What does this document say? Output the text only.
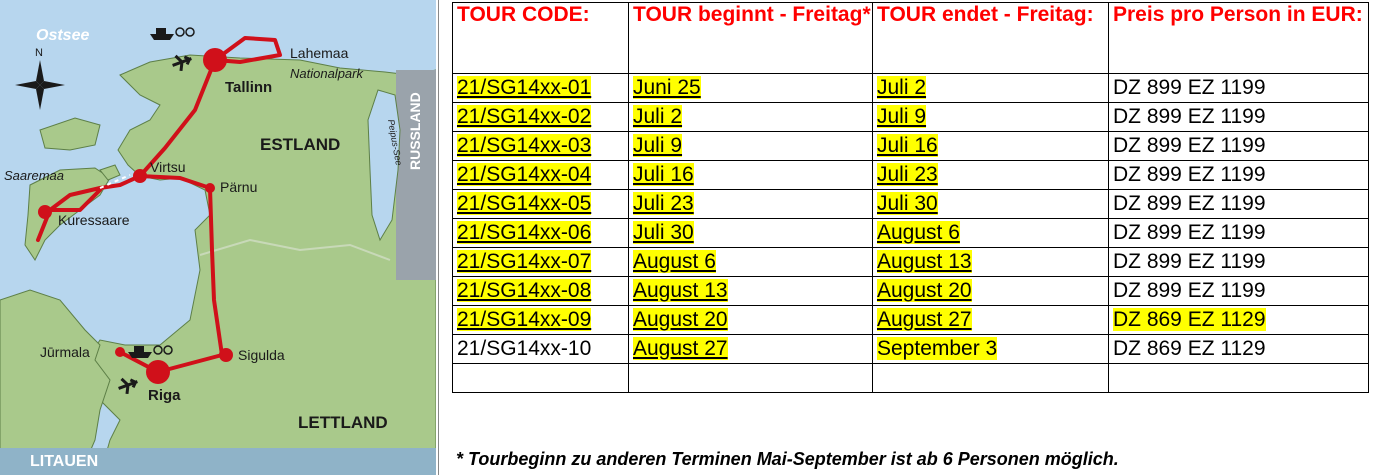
Ostsee
N
Tallinn
Lahemaa
Nationalpark
Virtsu
Saaremaa
Kuressaare
Pärnu
Jūrmala
Riga
Sigulda
ESTLAND	RUSSLAND
Peipus-See
LETTLAND
LITAUEN
TOUR CODE:	TOUR beginnt - Freitag*	TOUR endet - Freitag:	Preis pro Person in EUR:
21/SG14xx-01	Juni 25	Juli 2	DZ 899 EZ 1199
21/SG14xx-02	Juli 2	Juli 9	DZ 899 EZ 1199
21/SG14xx-03	Juli 9	Juli 16	DZ 899 EZ 1199
21/SG14xx-04	Juli 16	Juli 23	DZ 899 EZ 1199
21/SG14xx-05	Juli 23	Juli 30	DZ 899 EZ 1199
21/SG14xx-06	Juli 30	August 6	DZ 899 EZ 1199
21/SG14xx-07	August 6	August 13	DZ 899 EZ 1199
21/SG14xx-08	August 13	August 20	DZ 899 EZ 1199
21/SG14xx-09	August 20	August 27	DZ 869 EZ 1129
21/SG14xx-10	August 27	September 3	DZ 869 EZ 1129

* Tourbeginn zu anderen Terminen Mai-September ist ab 6 Personen möglich.
